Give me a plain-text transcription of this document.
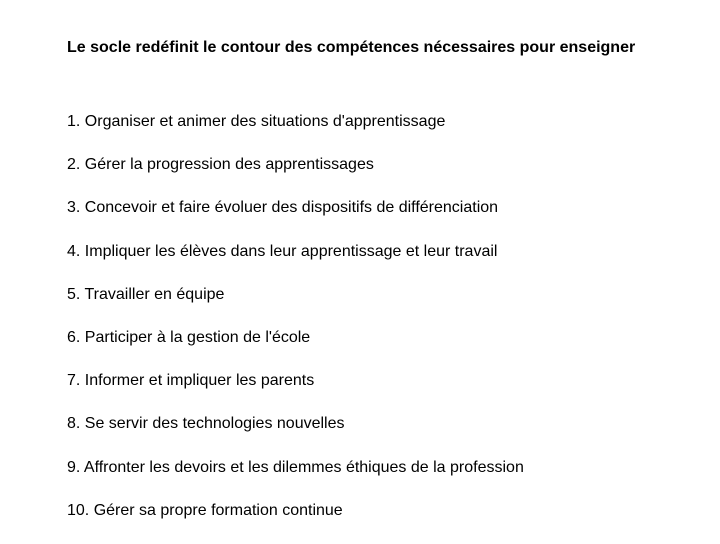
Le socle redéfinit le contour des compétences nécessaires pour enseigner

1. Organiser et animer des situations d'apprentissage
2. Gérer la progression des apprentissages
3. Concevoir et faire évoluer des dispositifs de différenciation
4. Impliquer les élèves dans leur apprentissage et leur travail
5. Travailler en équipe
6. Participer à la gestion de l'école
7. Informer et impliquer les parents
8. Se servir des technologies nouvelles
9. Affronter les devoirs et les dilemmes éthiques de la profession
10. Gérer sa propre formation continue
